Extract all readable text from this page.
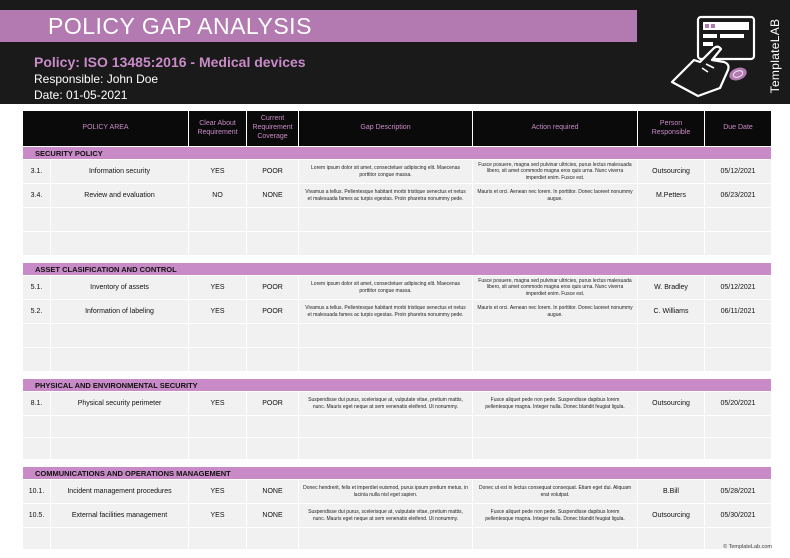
POLICY GAP ANALYSIS
Policy: ISO 13485:2016 - Medical devices
Responsible: John Doe
Date: 01-05-2021
TemplateLAB
POLICY AREA		Clear About Requirement	Current Requirement Coverage	Gap Description	Action required	Person Responsible	Due Date
SECURITY POLICY							
3.1.	Information security	YES	POOR	Lorem ipsum dolor sit amet, consectetuer adipiscing elit. Maecenas porttitor congue massa.	Fusce posuere, magna sed pulvinar ultricies, purus lectus malesuada libero, sit amet commodo magna eros quis urna. Nunc viverra imperdiet enim. Fusce est.	Outsourcing	05/12/2021
3.4.	Review and evaluation	NO	NONE	Vivamus a tellus. Pellentesque habitant morbi tristique senectus et netus et malesuada fames ac turpis egestas. Proin pharetra nonummy pede.	Mauris et orci. Aenean nec lorem. In porttitor. Donec laoreet nonummy augue.	M.Petters	06/23/2021

ASSET CLASIFICATION AND CONTROL							
5.1.	Inventory of assets	YES	POOR	Lorem ipsum dolor sit amet, consectetuer adipiscing elit. Maecenas porttitor congue massa.	Fusce posuere, magna sed pulvinar ultricies, purus lectus malesuada libero, sit amet commodo magna eros quis urna. Nunc viverra imperdiet enim. Fusce est.	W. Bradley	05/12/2021
5.2.	Information of labeling	YES	POOR	Vivamus a tellus. Pellentesque habitant morbi tristique senectus et netus et malesuada fames ac turpis egestas. Proin pharetra nonummy pede.	Mauris et orci. Aenean nec lorem. In porttitor. Donec laoreet nonummy augue.	C. Williams	06/11/2021

PHYSICAL AND ENVIRONMENTAL SECURITY							
8.1.	Physical security perimeter	YES	POOR	Suspendisse dui purus, scelerisque at, vulputate vitae, pretium mattis, nunc. Mauris eget neque at sem venenatis eleifend. Ut nonummy.	Fusce aliquet pede non pede. Suspendisse dapibus lorem pellentesque magna. Integer nulla. Donec blandit feugiat ligula.	Outsourcing	05/20/2021

COMMUNICATIONS AND OPERATIONS MANAGEMENT							
10.1.	Incident management procedures	YES	NONE	Donec hendrerit, felis et imperdiet euismod, purus ipsum pretium metus, in lacinia nulla nisl eget sapien.	Donec ut est in lectus consequat consequat. Etiam eget dui. Aliquam erat volutpat.	B.Bill	05/28/2021
10.5.	External facilities management	YES	NONE	Suspendisse dui purus, scelerisque at, vulputate vitae, pretium mattis, nunc. Mauris eget neque at sem venenatis eleifend. Ut nonummy.	Fusce aliquet pede non pede. Suspendisse dapibus lorem pellentesque magna. Integer nulla. Donec blandit feugiat ligula.	Outsourcing	05/30/2021

© TemplateLab.com
